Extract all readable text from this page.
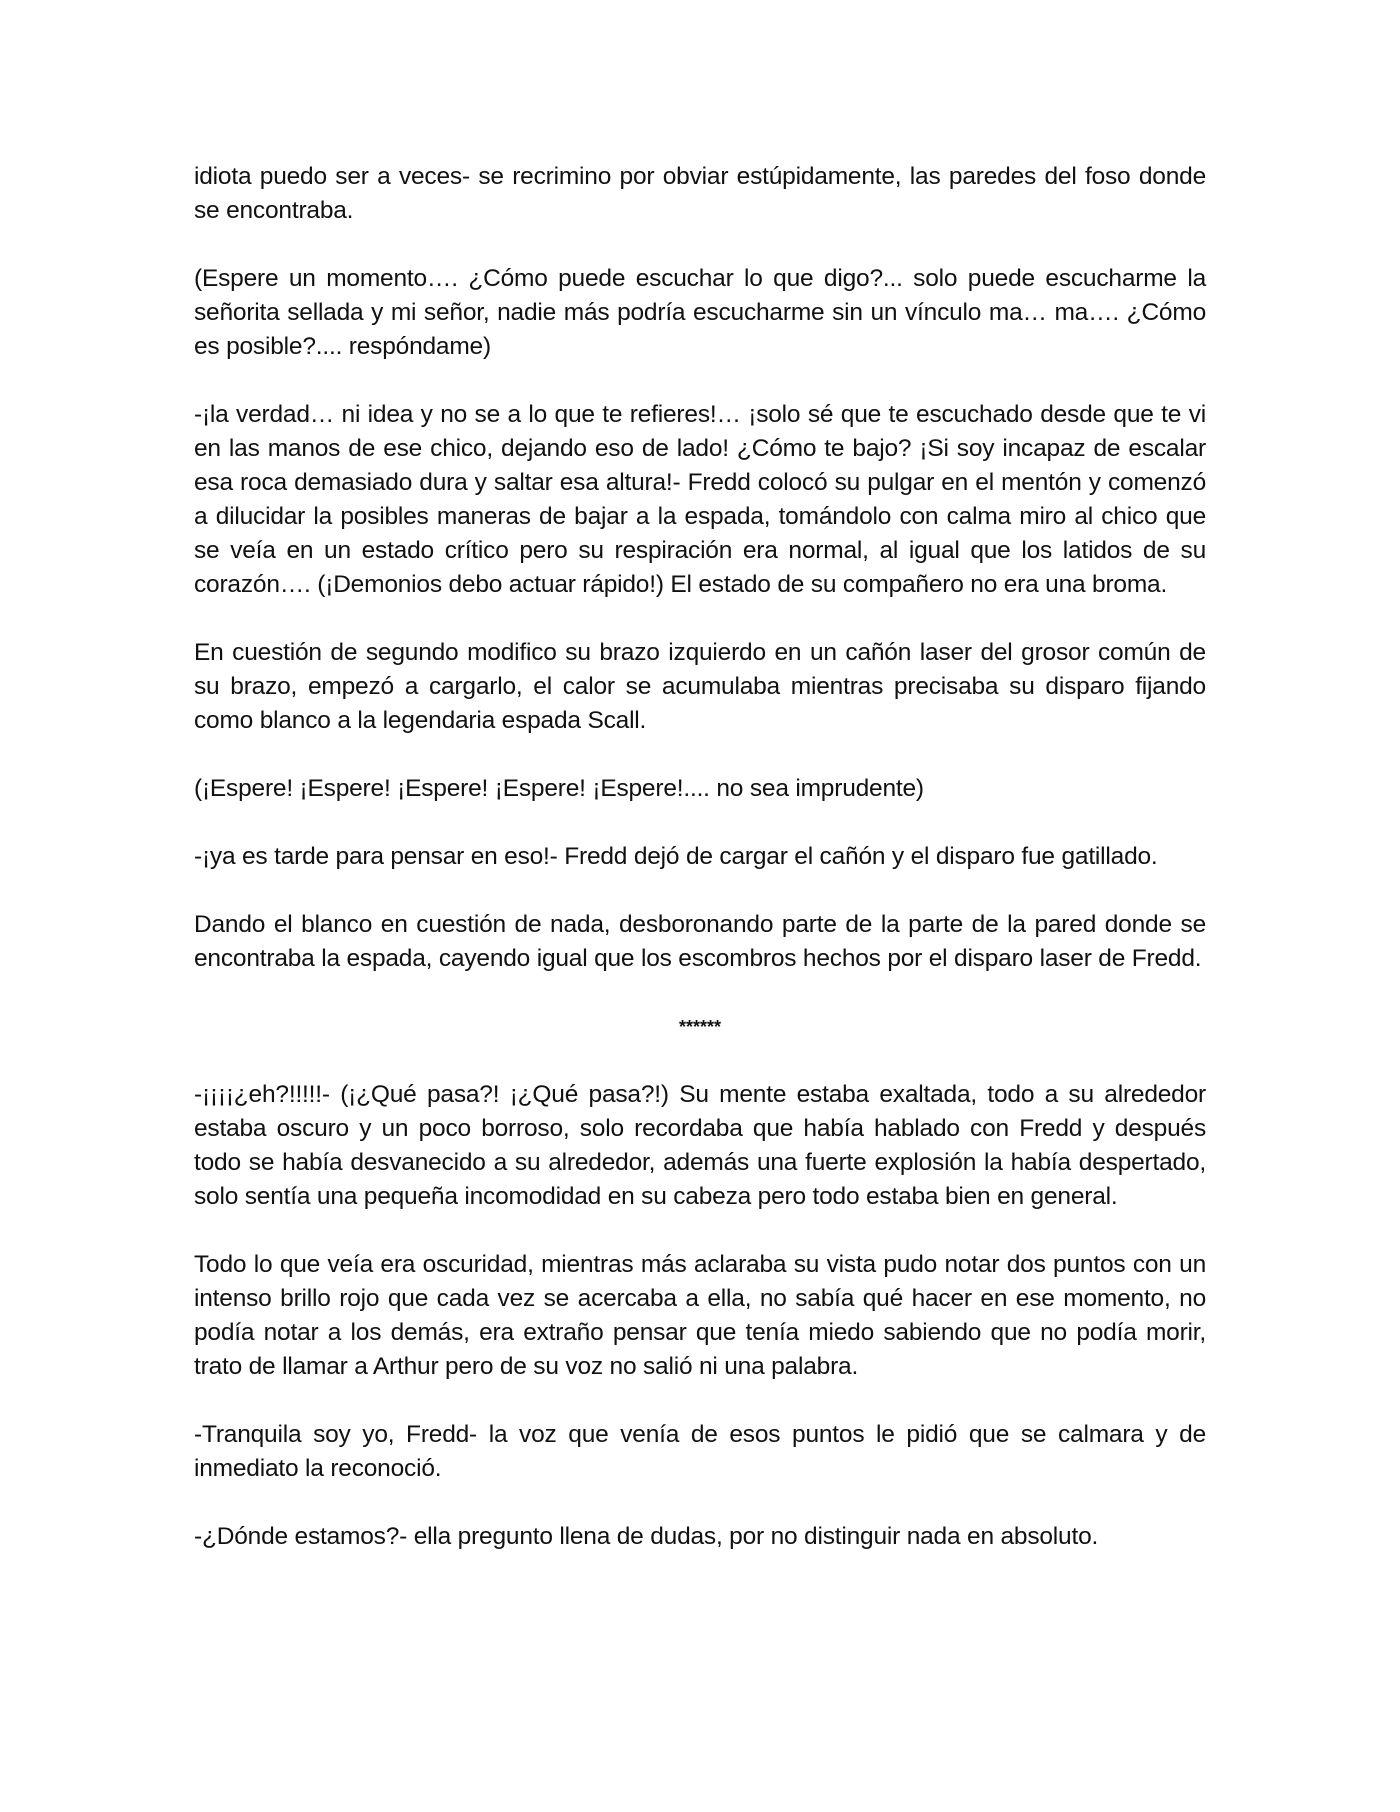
idiota puedo ser a veces- se recrimino por obviar estúpidamente, las paredes del foso donde se encontraba.

(Espere un momento…. ¿Cómo puede escuchar lo que digo?... solo puede escucharme la señorita sellada y mi señor, nadie más podría escucharme sin un vínculo ma… ma…. ¿Cómo es posible?.... respóndame)

-¡la verdad… ni idea y no se a lo que te refieres!… ¡solo sé que te escuchado desde que te vi en las manos de ese chico, dejando eso de lado! ¿Cómo te bajo? ¡Si soy incapaz de escalar esa roca demasiado dura y saltar esa altura!- Fredd colocó su pulgar en el mentón y comenzó a dilucidar la posibles maneras de bajar a la espada, tomándolo con calma miro al chico que se veía en un estado crítico pero su respiración era normal, al igual que los latidos de su corazón…. (¡Demonios debo actuar rápido!) El estado de su compañero no era una broma.

En cuestión de segundo modifico su brazo izquierdo en un cañón laser del grosor común de su brazo, empezó a cargarlo, el calor se acumulaba mientras precisaba su disparo fijando como blanco a la legendaria espada Scall.

(¡Espere! ¡Espere! ¡Espere! ¡Espere! ¡Espere!.... no sea imprudente)

-¡ya es tarde para pensar en eso!- Fredd dejó de cargar el cañón y el disparo fue gatillado.

Dando el blanco en cuestión de nada, desboronando parte de la parte de la pared donde se encontraba la espada, cayendo igual que los escombros hechos por el disparo laser de Fredd.

******

-¡¡¡¡¿eh?!!!!!- (¡¿Qué pasa?! ¡¿Qué pasa?!) Su mente estaba exaltada, todo a su alrededor estaba oscuro y un poco borroso, solo recordaba que había hablado con Fredd y después todo se había desvanecido a su alrededor, además una fuerte explosión la había despertado, solo sentía una pequeña incomodidad en su cabeza pero todo estaba bien en general.

Todo lo que veía era oscuridad, mientras más aclaraba su vista pudo notar dos puntos con un intenso brillo rojo que cada vez se acercaba a ella, no sabía qué hacer en ese momento, no podía notar a los demás, era extraño pensar que tenía miedo sabiendo que no podía morir, trato de llamar a Arthur pero de su voz no salió ni una palabra.

-Tranquila soy yo, Fredd- la voz que venía de esos puntos le pidió que se calmara y de inmediato la reconoció.

-¿Dónde estamos?- ella pregunto llena de dudas, por no distinguir nada en absoluto.
